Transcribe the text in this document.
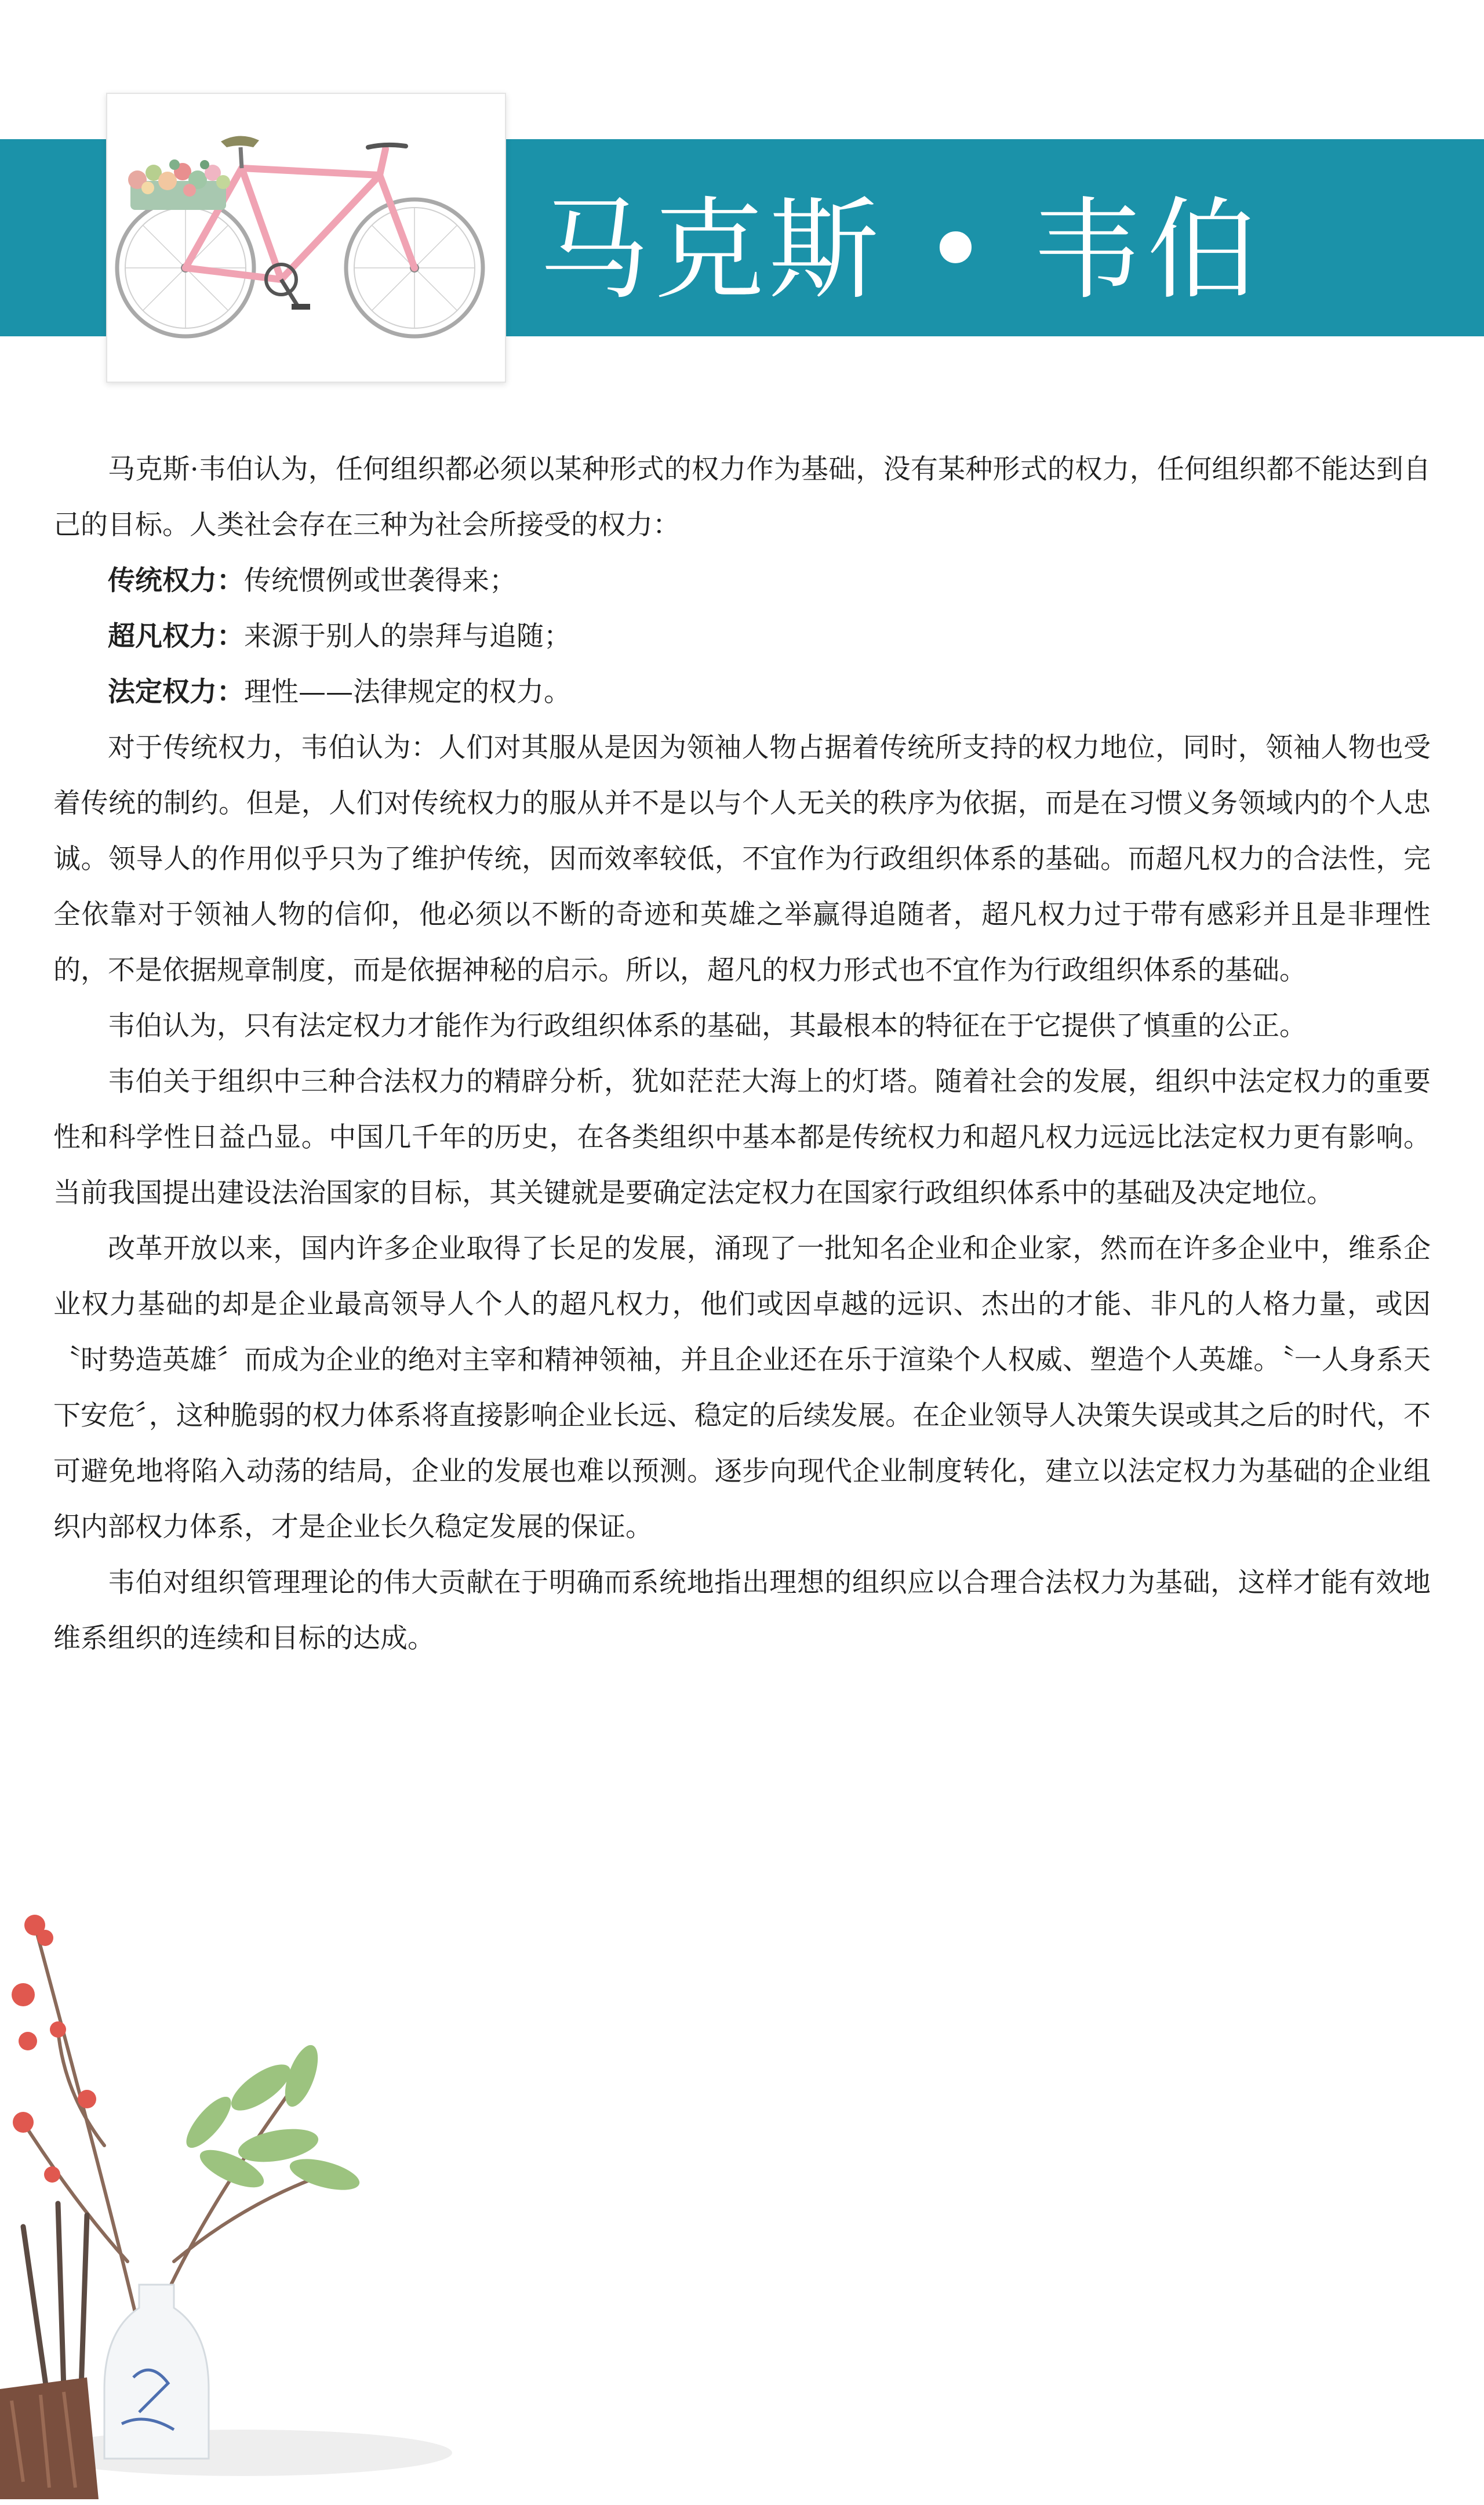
马克斯 • 韦伯

马克斯·韦伯认为，任何组织都必须以某种形式的权力作为基础，没有某种形式的权力，任何组织都不能达到自己的目标。人类社会存在三种为社会所接受的权力：

传统权力：传统惯例或世袭得来；

超凡权力：来源于别人的崇拜与追随；

法定权力：理性——法律规定的权力。

对于传统权力，韦伯认为：人们对其服从是因为领袖人物占据着传统所支持的权力地位，同时，领袖人物也受着传统的制约。但是，人们对传统权力的服从并不是以与个人无关的秩序为依据，而是在习惯义务领域内的个人忠诚。领导人的作用似乎只为了维护传统，因而效率较低，不宜作为行政组织体系的基础。而超凡权力的合法性，完全依靠对于领袖人物的信仰，他必须以不断的奇迹和英雄之举赢得追随者，超凡权力过于带有感彩并且是非理性的，不是依据规章制度，而是依据神秘的启示。所以，超凡的权力形式也不宜作为行政组织体系的基础。

韦伯认为，只有法定权力才能作为行政组织体系的基础，其最根本的特征在于它提供了慎重的公正。

韦伯关于组织中三种合法权力的精辟分析，犹如茫茫大海上的灯塔。随着社会的发展，组织中法定权力的重要性和科学性日益凸显。中国几千年的历史，在各类组织中基本都是传统权力和超凡权力远远比法定权力更有影响。当前我国提出建设法治国家的目标，其关键就是要确定法定权力在国家行政组织体系中的基础及决定地位。

改革开放以来，国内许多企业取得了长足的发展，涌现了一批知名企业和企业家，然而在许多企业中，维系企业权力基础的却是企业最高领导人个人的超凡权力，他们或因卓越的远识、杰出的才能、非凡的人格力量，或因〝时势造英雄〞而成为企业的绝对主宰和精神领袖，并且企业还在乐于渲染个人权威、塑造个人英雄。〝一人身系天下安危〞，这种脆弱的权力体系将直接影响企业长远、稳定的后续发展。在企业领导人决策失误或其之后的时代，不可避免地将陷入动荡的结局，企业的发展也难以预测。逐步向现代企业制度转化，建立以法定权力为基础的企业组织内部权力体系，才是企业长久稳定发展的保证。

韦伯对组织管理理论的伟大贡献在于明确而系统地指出理想的组织应以合理合法权力为基础，这样才能有效地维系组织的连续和目标的达成。
